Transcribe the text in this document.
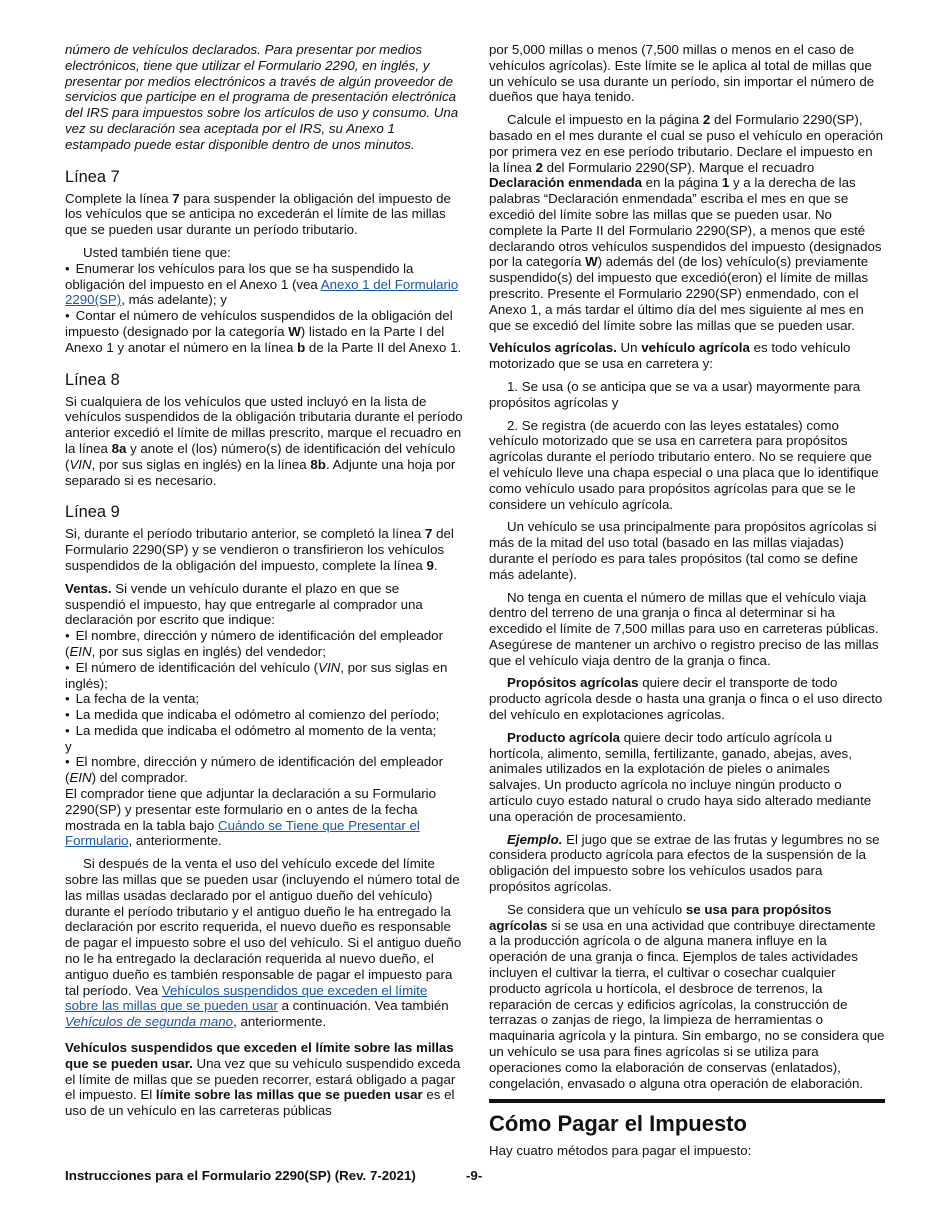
número de vehículos declarados. Para presentar por medios electrónicos, tiene que utilizar el Formulario 2290, en inglés, y presentar por medios electrónicos a través de algún proveedor de servicios que participe en el programa de presentación electrónica del IRS para impuestos sobre los artículos de uso y consumo. Una vez su declaración sea aceptada por el IRS, su Anexo 1 estampado puede estar disponible dentro de unos minutos.

Línea 7

Complete la línea 7 para suspender la obligación del impuesto de los vehículos que se anticipa no excederán el límite de las millas que se pueden usar durante un período tributario.

Usted también tiene que:

• Enumerar los vehículos para los que se ha suspendido la obligación del impuesto en el Anexo 1 (vea Anexo 1 del Formulario 2290(SP), más adelante); y

• Contar el número de vehículos suspendidos de la obligación del impuesto (designado por la categoría W) listado en la Parte I del Anexo 1 y anotar el número en la línea b de la Parte II del Anexo 1.

Línea 8

Si cualquiera de los vehículos que usted incluyó en la lista de vehículos suspendidos de la obligación tributaria durante el período anterior excedió el límite de millas prescrito, marque el recuadro en la línea 8a y anote el (los) número(s) de identificación del vehículo (VIN, por sus siglas en inglés) en la línea 8b. Adjunte una hoja por separado si es necesario.

Línea 9

Si, durante el período tributario anterior, se completó la línea 7 del Formulario 2290(SP) y se vendieron o transfirieron los vehículos suspendidos de la obligación del impuesto, complete la línea 9.

Ventas. Si vende un vehículo durante el plazo en que se suspendió el impuesto, hay que entregarle al comprador una declaración por escrito que indique:

• El nombre, dirección y número de identificación del empleador (EIN, por sus siglas en inglés) del vendedor;

• El número de identificación del vehículo (VIN, por sus siglas en inglés);

• La fecha de la venta;

• La medida que indicaba el odómetro al comienzo del período;

• La medida que indicaba el odómetro al momento de la venta;
y

• El nombre, dirección y número de identificación del empleador (EIN) del comprador.

El comprador tiene que adjuntar la declaración a su Formulario 2290(SP) y presentar este formulario en o antes de la fecha mostrada en la tabla bajo Cuándo se Tiene que Presentar el Formulario, anteriormente.

Si después de la venta el uso del vehículo excede del límite sobre las millas que se pueden usar (incluyendo el número total de las millas usadas declarado por el antiguo dueño del vehículo) durante el período tributario y el antiguo dueño le ha entregado la declaración por escrito requerida, el nuevo dueño es responsable de pagar el impuesto sobre el uso del vehículo. Si el antiguo dueño no le ha entregado la declaración requerida al nuevo dueño, el antiguo dueño es también responsable de pagar el impuesto para tal período. Vea Vehículos suspendidos que exceden el límite sobre las millas que se pueden usar a continuación. Vea también Vehículos de segunda mano, anteriormente.

Vehículos suspendidos que exceden el límite sobre las millas que se pueden usar. Una vez que su vehículo suspendido exceda el límite de millas que se pueden recorrer, estará obligado a pagar el impuesto. El límite sobre las millas que se pueden usar es el uso de un vehículo en las carreteras públicas

por 5,000 millas o menos (7,500 millas o menos en el caso de vehículos agrícolas). Este límite se le aplica al total de millas que un vehículo se usa durante un período, sin importar el número de dueños que haya tenido.

Calcule el impuesto en la página 2 del Formulario 2290(SP), basado en el mes durante el cual se puso el vehículo en operación por primera vez en ese período tributario. Declare el impuesto en la línea 2 del Formulario 2290(SP). Marque el recuadro Declaración enmendada en la página 1 y a la derecha de las palabras “Declaración enmendada” escriba el mes en que se excedió del límite sobre las millas que se pueden usar. No complete la Parte II del Formulario 2290(SP), a menos que esté declarando otros vehículos suspendidos del impuesto (designados por la categoría W) además del (de los) vehículo(s) previamente suspendido(s) del impuesto que excedió(eron) el límite de millas prescrito. Presente el Formulario 2290(SP) enmendado, con el Anexo 1, a más tardar el último día del mes siguiente al mes en que se excedió del límite sobre las millas que se pueden usar.

Vehículos agrícolas. Un vehículo agrícola es todo vehículo motorizado que se usa en carretera y:

1. Se usa (o se anticipa que se va a usar) mayormente para propósitos agrícolas y

2. Se registra (de acuerdo con las leyes estatales) como vehículo motorizado que se usa en carretera para propósitos agrícolas durante el período tributario entero. No se requiere que el vehículo lleve una chapa especial o una placa que lo identifique como vehículo usado para propósitos agrícolas para que se le considere un vehículo agrícola.

Un vehículo se usa principalmente para propósitos agrícolas si más de la mitad del uso total (basado en las millas viajadas) durante el período es para tales propósitos (tal como se define más adelante).

No tenga en cuenta el número de millas que el vehículo viaja dentro del terreno de una granja o finca al determinar si ha excedido el límite de 7,500 millas para uso en carreteras públicas. Asegúrese de mantener un archivo o registro preciso de las millas que el vehículo viaja dentro de la granja o finca.

Propósitos agrícolas quiere decir el transporte de todo producto agrícola desde o hasta una granja o finca o el uso directo del vehículo en explotaciones agrícolas.

Producto agrícola quiere decir todo artículo agrícola u hortícola, alimento, semilla, fertilizante, ganado, abejas, aves, animales utilizados en la explotación de pieles o animales salvajes. Un producto agrícola no incluye ningún producto o artículo cuyo estado natural o crudo haya sido alterado mediante una operación de procesamiento.

Ejemplo. El jugo que se extrae de las frutas y legumbres no se considera producto agrícola para efectos de la suspensión de la obligación del impuesto sobre los vehículos usados para propósitos agrícolas.

Se considera que un vehículo se usa para propósitos agrícolas si se usa en una actividad que contribuye directamente a la producción agrícola o de alguna manera influye en la operación de una granja o finca. Ejemplos de tales actividades incluyen el cultivar la tierra, el cultivar o cosechar cualquier producto agrícola u hortícola, el desbroce de terrenos, la reparación de cercas y edificios agrícolas, la construcción de terrazas o zanjas de riego, la limpieza de herramientas o maquinaria agrícola y la pintura. Sin embargo, no se considera que un vehículo se usa para fines agrícolas si se utiliza para operaciones como la elaboración de conservas (enlatados), congelación, envasado o alguna otra operación de elaboración.

Cómo Pagar el Impuesto

Hay cuatro métodos para pagar el impuesto:

Instrucciones para el Formulario 2290(SP) (Rev. 7-2021)	-9-
